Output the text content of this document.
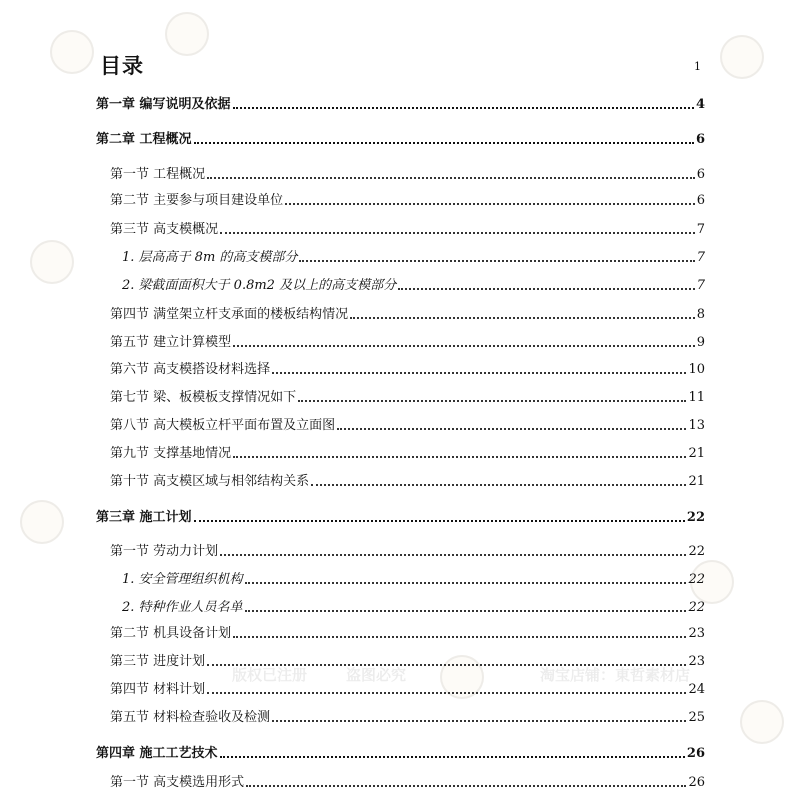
版权已注册	盗图必究	淘宝店铺：東哲素材店
目录	1
第一章 编写说明及依据	4
第二章 工程概况	6
第一节 工程概况	6
第二节 主要参与项目建设单位	6
第三节 高支模概况	7
1. 层高高于 8m 的高支模部分	7
2. 梁截面面积大于 0.8m2 及以上的高支模部分	7
第四节 满堂架立杆支承面的楼板结构情况	8
第五节 建立计算模型	9
第六节 高支模搭设材料选择	10
第七节 梁、板模板支撑情况如下	11
第八节 高大模板立杆平面布置及立面图	13
第九节 支撑基地情况	21
第十节 高支模区域与相邻结构关系	21
第三章 施工计划	22
第一节 劳动力计划	22
1. 安全管理组织机构	22
2. 特种作业人员名单	22
第二节 机具设备计划	23
第三节 进度计划	23
第四节 材料计划	24
第五节 材料检查验收及检测	25
第四章 施工工艺技术	26
第一节 高支模选用形式	26
